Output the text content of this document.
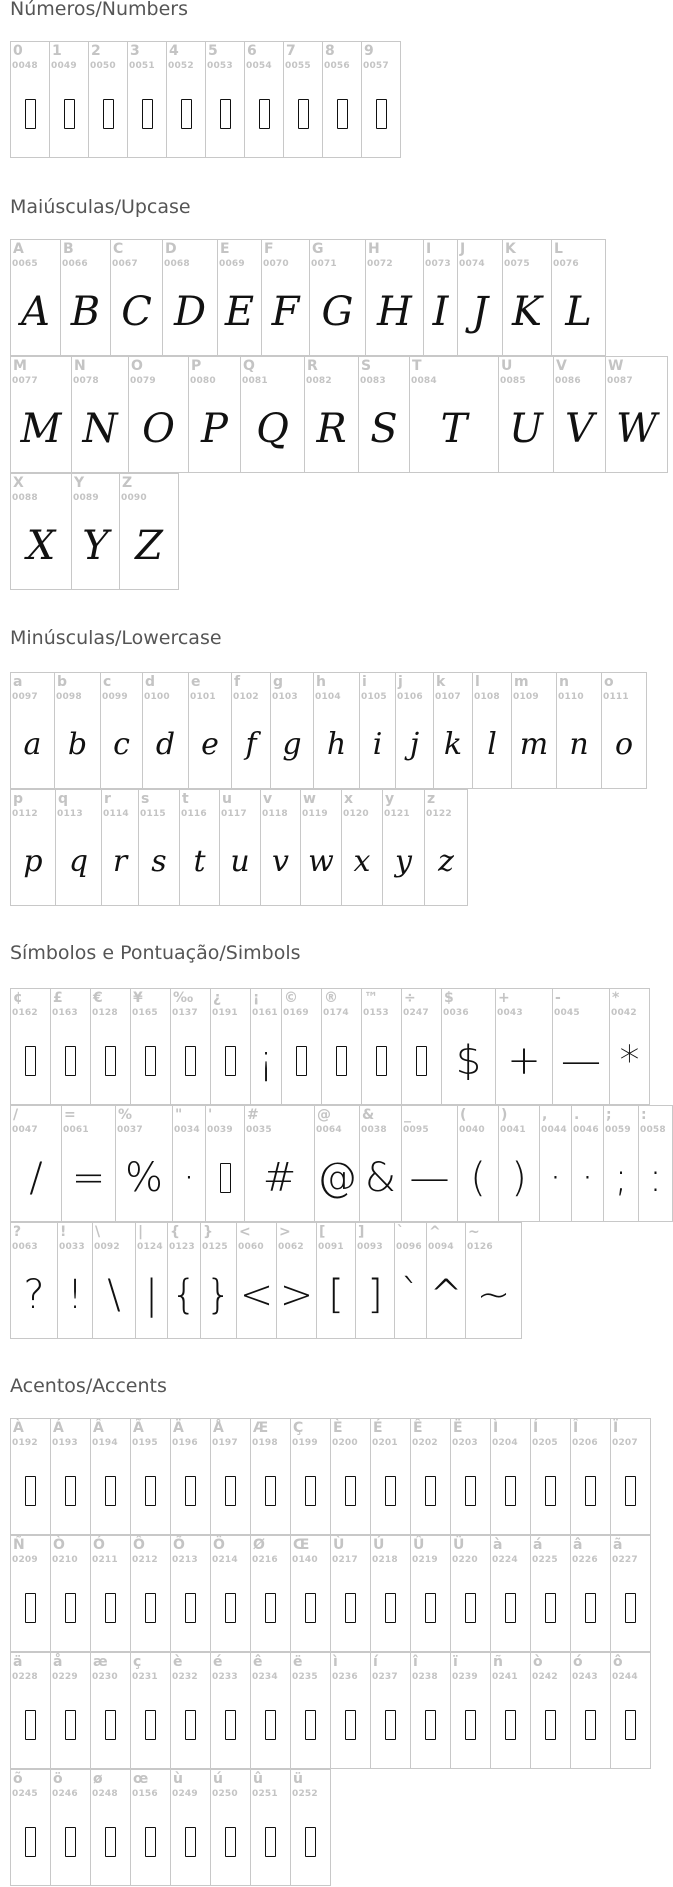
Números/Numbers
0
0048
1
0049
2
0050
3
0051
4
0052
5
0053
6
0054
7
0055
8
0056
9
0057
Maiúsculas/Upcase
A
0065
A
B
0066
B
C
0067
C
D
0068
D
E
0069
E
F
0070
F
G
0071
G
H
0072
H
I
0073
I
J
0074
J
K
0075
K
L
0076
L
M
0077
M
N
0078
N
O
0079
O
P
0080
P
Q
0081
Q
R
0082
R
S
0083
S
T
0084
T
U
0085
U
V
0086
V
W
0087
W
X
0088
X
Y
0089
Y
Z
0090
Z
Minúsculas/Lowercase
a
0097
a
b
0098
b
c
0099
c
d
0100
d
e
0101
e
f
0102
f
g
0103
g
h
0104
h
i
0105
i
j
0106
j
k
0107
k
l
0108
l
m
0109
m
n
0110
n
o
0111
o
p
0112
p
q
0113
q
r
0114
r
s
0115
s
t
0116
t
u
0117
u
v
0118
v
w
0119
w
x
0120
x
y
0121
y
z
0122
z
Símbolos e Pontuação/Simbols
¢
0162
£
0163
€
0128
¥
0165
‰
0137
¿
0191
¡
0161
¡
©
0169
®
0174
™
0153
÷
0247
$
0036
$
+
0043
+
-
0045
—
*
0042
*
/
0047
/
=
0061
=
%
0037
%
"
0034
·
'
0039
#
0035
#
@
0064
@
&
0038
&
_
0095
—
(
0040
(
)
0041
)
,
0044
·
.
0046
·
;
0059
;
:
0058
:
?
0063
?
!
0033
!
\
0092
\
|
0124
|
{
0123
{
}
0125
}
<
0060
<
>
0062
>
[
0091
[
]
0093
]
`
0096
`
^
0094
^
~
0126
~
Acentos/Accents
À
0192
Á
0193
Â
0194
Ã
0195
Ä
0196
Å
0197
Æ
0198
Ç
0199
È
0200
É
0201
Ê
0202
Ë
0203
Ì
0204
Í
0205
Î
0206
Ï
0207
Ñ
0209
Ò
0210
Ó
0211
Ô
0212
Õ
0213
Ö
0214
Ø
0216
Œ
0140
Ù
0217
Ú
0218
Û
0219
Ü
0220
à
0224
á
0225
â
0226
ã
0227
ä
0228
å
0229
æ
0230
ç
0231
è
0232
é
0233
ê
0234
ë
0235
ì
0236
í
0237
î
0238
ï
0239
ñ
0241
ò
0242
ó
0243
ô
0244
õ
0245
ö
0246
ø
0248
œ
0156
ù
0249
ú
0250
û
0251
ü
0252
